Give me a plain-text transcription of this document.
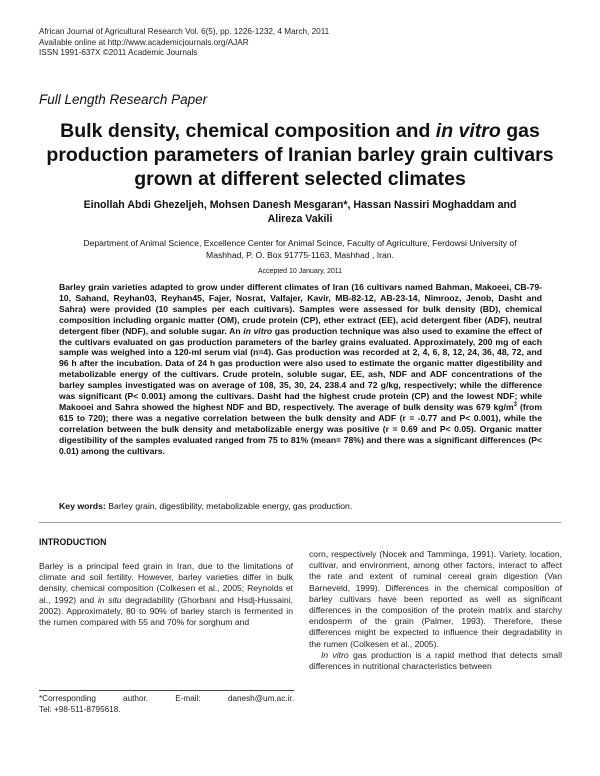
African Journal of Agricultural Research Vol. 6(5), pp. 1226-1232, 4 March, 2011
Available online at http://www.academicjournals.org/AJAR
ISSN 1991-637X ©2011 Academic Journals
Full Length Research Paper
Bulk density, chemical composition and in vitro gas
production parameters of Iranian barley grain cultivars
grown at different selected climates
Einollah Abdi Ghezeljeh, Mohsen Danesh Mesgaran*, Hassan Nassiri Moghaddam and
Alireza Vakili
Department of Animal Science, Excellence Center for Animal Scince, Faculty of Agriculture, Ferdowsi University of
Mashhad, P. O. Box 91775-1163, Mashhad , Iran.
Accepted 10 January, 2011
Barley grain varieties adapted to grow under different climates of Iran (16 cultivars named Bahman, Makoeei, CB-79-10, Sahand, Reyhan03, Reyhan45, Fajer, Nosrat, Valfajer, Kavir, MB-82-12, AB-23-14, Nimrooz, Jenob, Dasht and Sahra) were provided (10 samples per each cultivars). Samples were assessed for bulk density (BD), chemical composition including organic matter (OM), crude protein (CP), ether extract (EE), acid detergent fiber (ADF), neutral detergent fiber (NDF), and soluble sugar. An in vitro gas production technique was also used to examine the effect of the cultivars evaluated on gas production parameters of the barley grains evaluated. Approximately, 200 mg of each sample was weighed into a 120-ml serum vial (n=4). Gas production was recorded at 2, 4, 6, 8, 12, 24, 36, 48, 72, and 96 h after the incubation. Data of 24 h gas production were also used to estimate the organic matter digestibility and metabolizable energy of the cultivars. Crude protein, soluble sugar, EE, ash, NDF and ADF concentrations of the barley samples investigated was on average of 108, 35, 30, 24, 238.4 and 72 g/kg, respectively; while the difference was significant (P< 0.001) among the cultivars. Dasht had the highest crude protein (CP) and the lowest NDF; while Makooei and Sahra showed the highest NDF and BD, respectively. The average of bulk density was 679 $kg/m^3$ (from 615 to 720); there was a negative correlation between the bulk density and ADF (r = -0.77 and P< 0.001), while the correlation between the bulk density and metabolizable energy was positive (r = 0.69 and P< 0.05). Organic matter digestibility of the samples evaluated ranged from 75 to 81% (mean= 78%) and there was a significant differences (P< 0.01) among the cultivars.
Key words: Barley grain, digestibility, metabolizable energy, gas production.
INTRODUCTION

Barley is a principal feed grain in Iran, due to the limitations of climate and soil fertility. However, barley varieties differ in bulk density, chemical composition (Colkesen et al., 2005; Reynolds et al., 1992) and in situ degradability (Ghorbani and Hsdj-Hussaini, 2002). Approximately, 80 to 90% of barley starch is fermented in the rumen compared with 55 and 70% for sorghum and

corn, respectively (Nocek and Tamminga, 1991). Variety, location, cultivar, and environment, among other factors, interact to affect the rate and extent of ruminal cereal grain digestion (Van Barneveld, 1999). Differences in the chemical composition of barley cultivars have been reported as well as significant differences in the composition of the protein matrix and starchy endosperm of the grain (Palmer, 1993). Therefore, these differences might be expected to influence their degradability in the rumen (Colkesen et al., 2005).

In vitro gas production is a rapid method that detects small differences in nutritional characteristics between

*Corresponding	author.	E-mail:	danesh@um.ac.ir.
Tel: +98-511-8795618.
